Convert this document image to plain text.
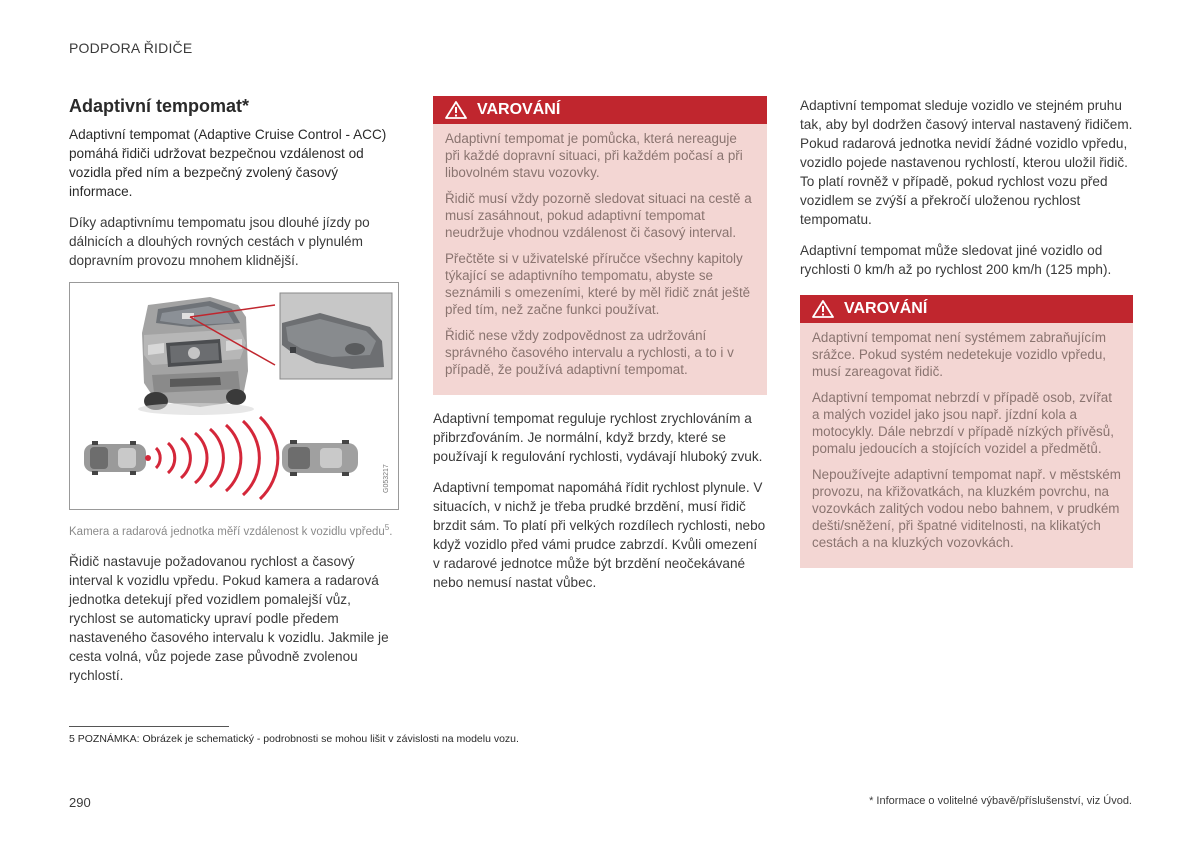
PODPORA ŘIDIČE
Adaptivní tempomat*

Adaptivní tempomat (Adaptive Cruise Control - ACC) pomáhá řidiči udržovat bezpečnou vzdálenost od vozidla před ním a bezpečný zvolený časový informace.

Díky adaptivnímu tempomatu jsou dlouhé jízdy po dálnicích a dlouhých rovných cestách v plynulém dopravním provozu mnohem klidnější.

G053217
Kamera a radarová jednotka měří vzdálenost k vozidlu vpředu$^5$.

Řidič nastavuje požadovanou rychlost a časový interval k vozidlu vpředu. Pokud kamera a radarová jednotka detekují před vozidlem pomalejší vůz, rychlost se automaticky upraví podle předem nastaveného časového intervalu k vozidlu. Jakmile je cesta volná, vůz pojede zase původně zvolenou rychlostí.

VAROVÁNÍ

Adaptivní tempomat je pomůcka, která nereaguje při každé dopravní situaci, při každém počasí a při libovolném stavu vozovky.

Řidič musí vždy pozorně sledovat situaci na cestě a musí zasáhnout, pokud adaptivní tempomat neudržuje vhodnou vzdálenost či časový interval.

Přečtěte si v uživatelské příručce všechny kapitoly týkající se adaptivního tempomatu, abyste se seznámili s omezeními, které by měl řidič znát ještě před tím, než začne funkci používat.

Řidič nese vždy zodpovědnost za udržování správného časového intervalu a rychlosti, a to i v případě, že používá adaptivní tempomat.

Adaptivní tempomat reguluje rychlost zrychlováním a přibrzďováním. Je normální, když brzdy, které se používají k regulování rychlosti, vydávají hluboký zvuk.

Adaptivní tempomat napomáhá řídit rychlost plynule. V situacích, v nichž je třeba prudké brzdění, musí řidič brzdit sám. To platí při velkých rozdílech rychlosti, nebo když vozidlo před vámi prudce zabrzdí. Kvůli omezení v radarové jednotce může být brzdění neočekávané nebo nemusí nastat vůbec.

Adaptivní tempomat sleduje vozidlo ve stejném pruhu tak, aby byl dodržen časový interval nastavený řidičem. Pokud radarová jednotka nevidí žádné vozidlo vpředu, vozidlo pojede nastavenou rychlostí, kterou uložil řidič. To platí rovněž v případě, pokud rychlost vozu před vozidlem se zvýší a překročí uloženou rychlost tempomatu.

Adaptivní tempomat může sledovat jiné vozidlo od rychlosti 0 km/h až po rychlost 200 km/h (125 mph).

VAROVÁNÍ

Adaptivní tempomat není systémem zabraňujícím srážce. Pokud systém nedetekuje vozidlo vpředu, musí zareagovat řidič.

Adaptivní tempomat nebrzdí v případě osob, zvířat a malých vozidel jako jsou např. jízdní kola a motocykly. Dále nebrzdí v případě nízkých přívěsů, pomalu jedoucích a stojících vozidel a předmětů.

Nepoužívejte adaptivní tempomat např. v městském provozu, na křižovatkách, na kluzkém povrchu, na vozovkách zalitých vodou nebo bahnem, v prudkém dešti/sněžení, při špatné viditelnosti, na klikatých cestách a na kluzkých vozovkách.

5 POZNÁMKA: Obrázek je schematický - podrobnosti se mohou lišit v závislosti na modelu vozu.
290	* Informace o volitelné výbavě/příslušenství, viz Úvod.
